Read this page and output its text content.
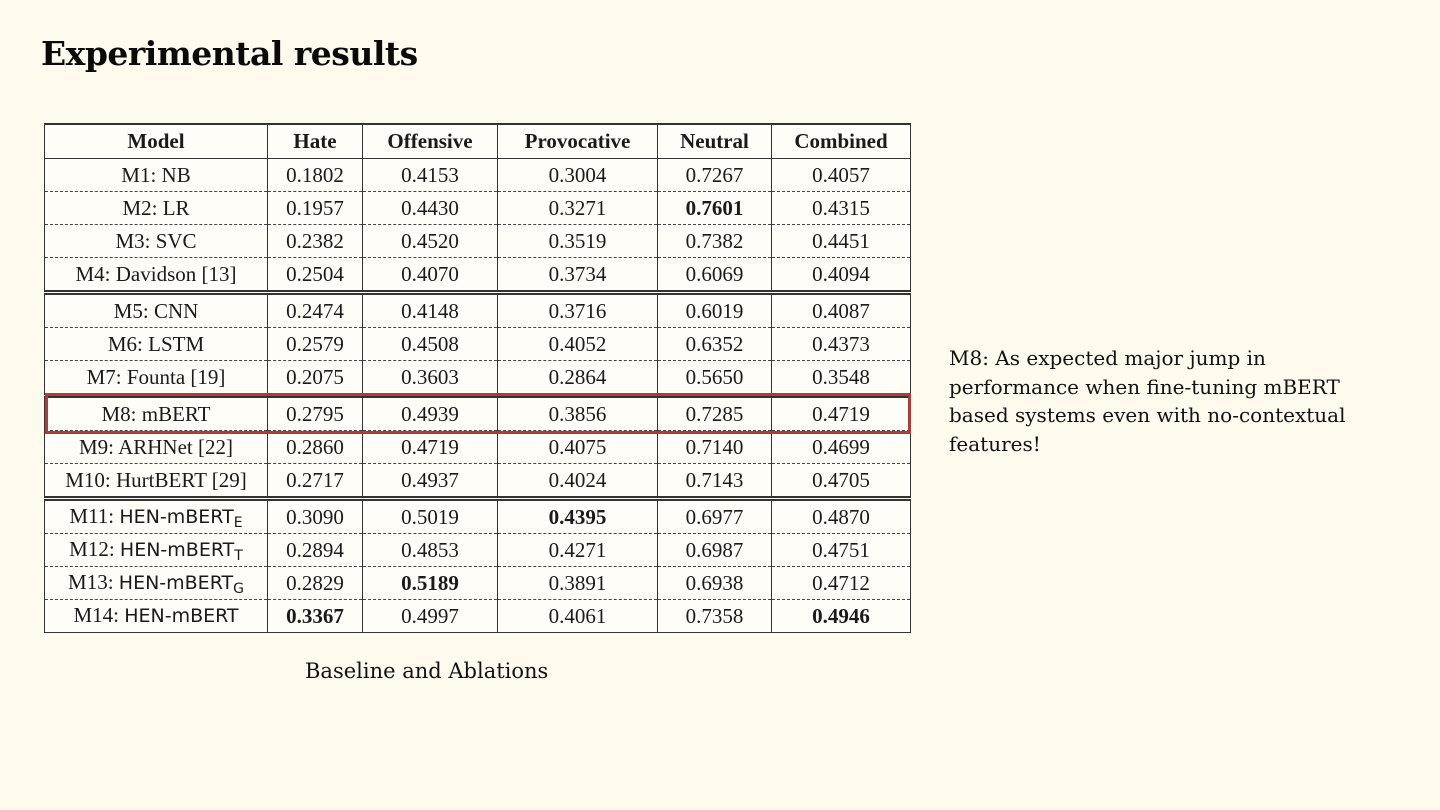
Experimental results
Model	Hate	Offensive	Provocative	Neutral	Combined
M1: NB	0.1802	0.4153	0.3004	0.7267	0.4057
M2: LR	0.1957	0.4430	0.3271	0.7601	0.4315
M3: SVC	0.2382	0.4520	0.3519	0.7382	0.4451
M4: Davidson [13]	0.2504	0.4070	0.3734	0.6069	0.4094
M5: CNN	0.2474	0.4148	0.3716	0.6019	0.4087
M6: LSTM	0.2579	0.4508	0.4052	0.6352	0.4373
M7: Founta [19]	0.2075	0.3603	0.2864	0.5650	0.3548
M8: mBERT	0.2795	0.4939	0.3856	0.7285	0.4719
M9: ARHNet [22]	0.2860	0.4719	0.4075	0.7140	0.4699
M10: HurtBERT [29]	0.2717	0.4937	0.4024	0.7143	0.4705
M11: HEN-mBERT$_E$	0.3090	0.5019	0.4395	0.6977	0.4870
M12: HEN-mBERT$_T$	0.2894	0.4853	0.4271	0.6987	0.4751
M13: HEN-mBERT$_G$	0.2829	0.5189	0.3891	0.6938	0.4712
M14: HEN-mBERT	0.3367	0.4997	0.4061	0.7358	0.4946

Baseline and Ablations

M8: As expected major jump in performance when fine-tuning mBERT based systems even with no-contextual features!
